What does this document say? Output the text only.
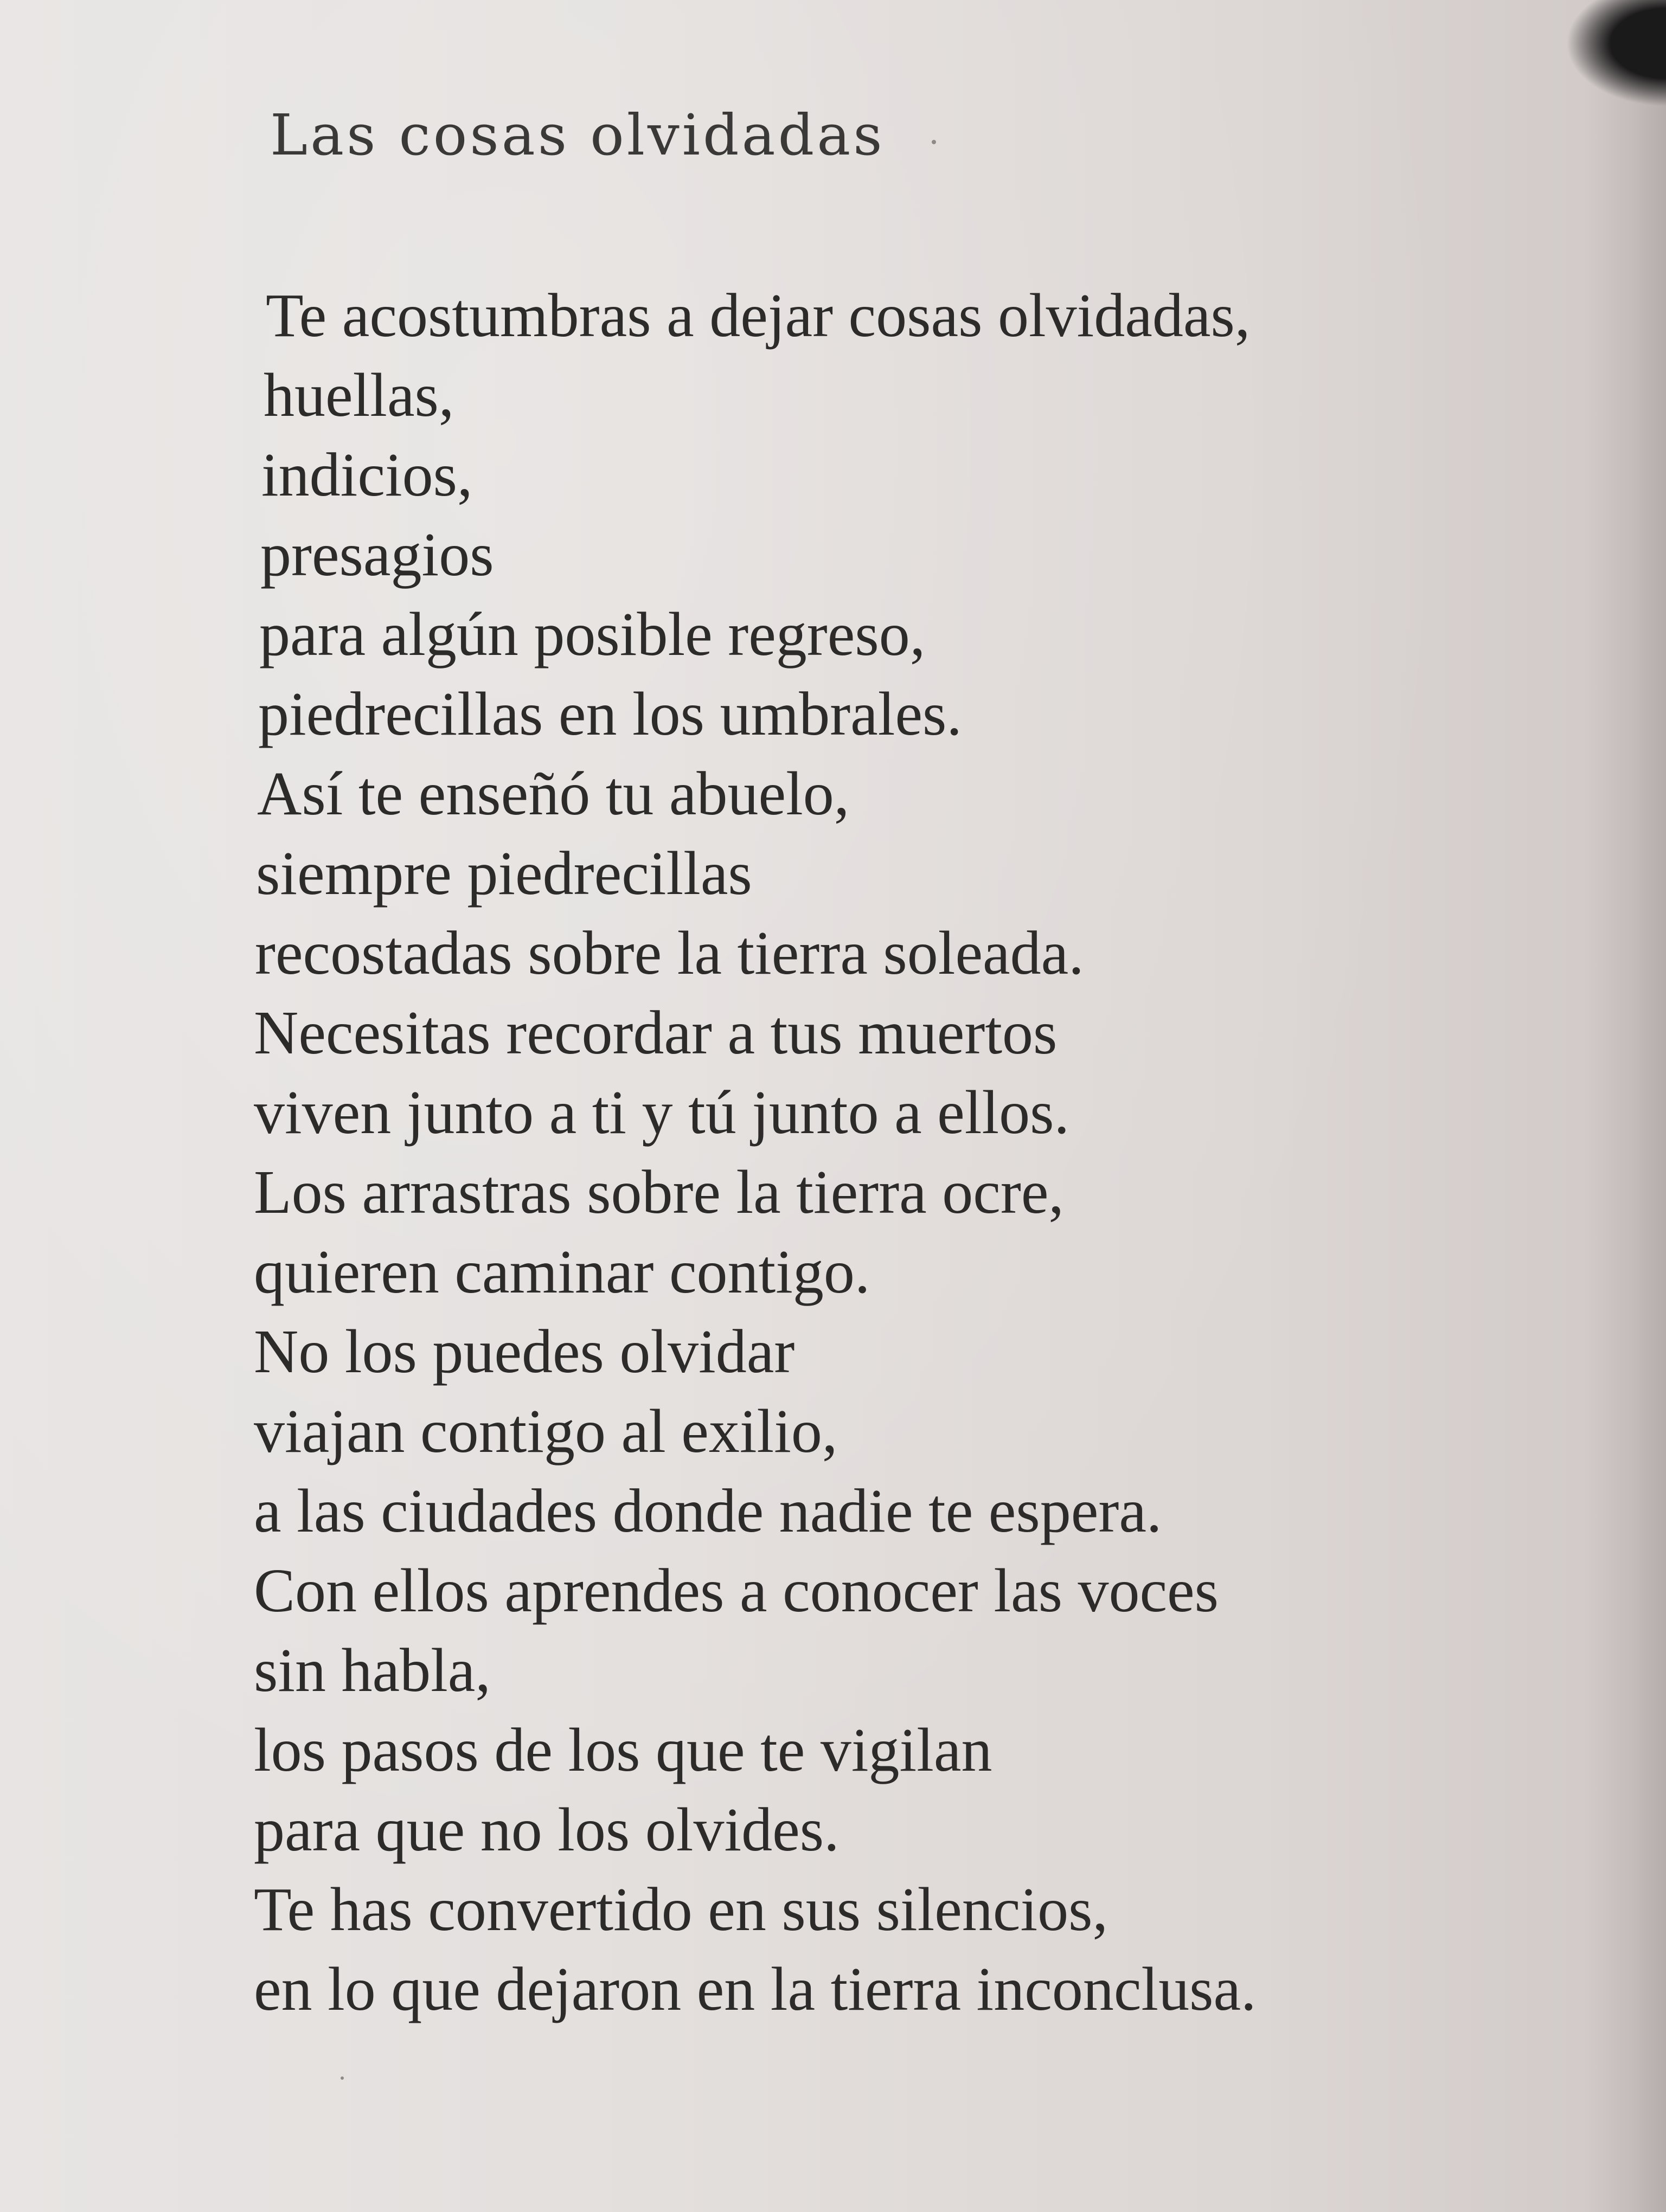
Las cosas olvidadas
Te acostumbras a dejar cosas olvidadas,
huellas,
indicios,
presagios
para algún posible regreso,
piedrecillas en los umbrales.
Así te enseñó tu abuelo,
siempre piedrecillas
recostadas sobre la tierra soleada.
Necesitas recordar a tus muertos
viven junto a ti y tú junto a ellos.
Los arrastras sobre la tierra ocre,
quieren caminar contigo.
No los puedes olvidar
viajan contigo al exilio,
a las ciudades donde nadie te espera.
Con ellos aprendes a conocer las voces
sin habla,
los pasos de los que te vigilan
para que no los olvides.
Te has convertido en sus silencios,
en lo que dejaron en la tierra inconclusa.
